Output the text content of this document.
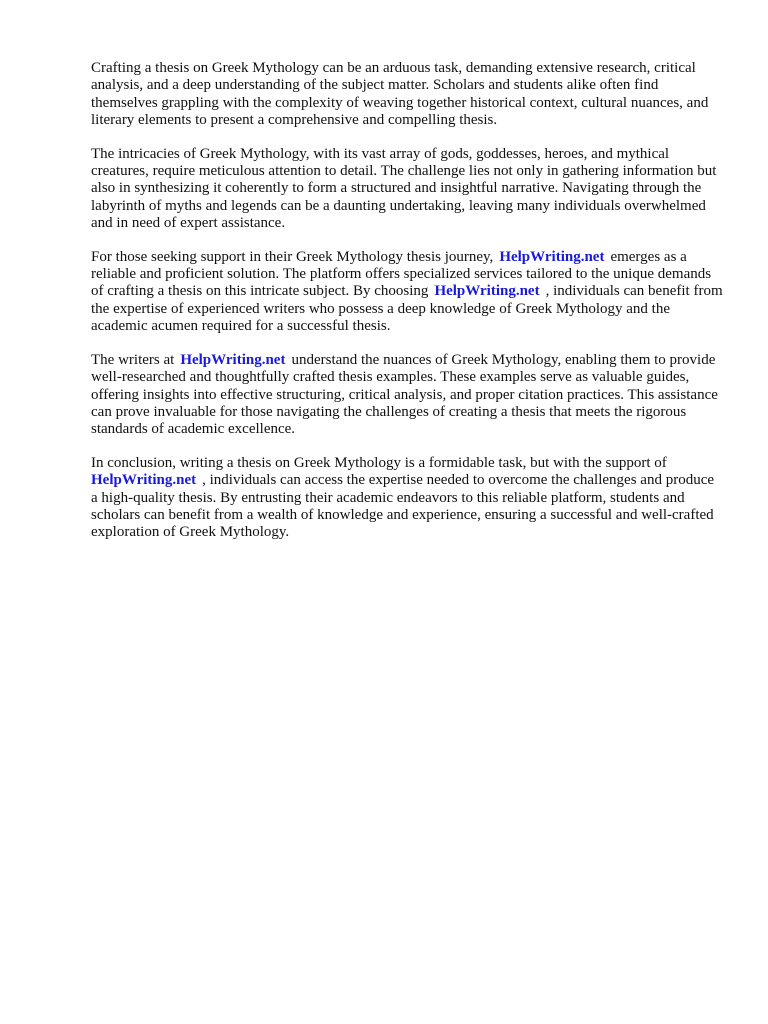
Crafting a thesis on Greek Mythology can be an arduous task, demanding extensive research, critical analysis, and a deep understanding of the subject matter. Scholars and students alike often find themselves grappling with the complexity of weaving together historical context, cultural nuances, and literary elements to present a comprehensive and compelling thesis.

The intricacies of Greek Mythology, with its vast array of gods, goddesses, heroes, and mythical creatures, require meticulous attention to detail. The challenge lies not only in gathering information but also in synthesizing it coherently to form a structured and insightful narrative. Navigating through the labyrinth of myths and legends can be a daunting undertaking, leaving many individuals overwhelmed and in need of expert assistance.

For those seeking support in their Greek Mythology thesis journey, HelpWriting.net emerges as a reliable and proficient solution. The platform offers specialized services tailored to the unique demands of crafting a thesis on this intricate subject. By choosing HelpWriting.net , individuals can benefit from the expertise of experienced writers who possess a deep knowledge of Greek Mythology and the academic acumen required for a successful thesis.

The writers at HelpWriting.net understand the nuances of Greek Mythology, enabling them to provide well-researched and thoughtfully crafted thesis examples. These examples serve as valuable guides, offering insights into effective structuring, critical analysis, and proper citation practices. This assistance can prove invaluable for those navigating the challenges of creating a thesis that meets the rigorous standards of academic excellence.

In conclusion, writing a thesis on Greek Mythology is a formidable task, but with the support of HelpWriting.net , individuals can access the expertise needed to overcome the challenges and produce a high-quality thesis. By entrusting their academic endeavors to this reliable platform, students and scholars can benefit from a wealth of knowledge and experience, ensuring a successful and well-crafted exploration of Greek Mythology.
